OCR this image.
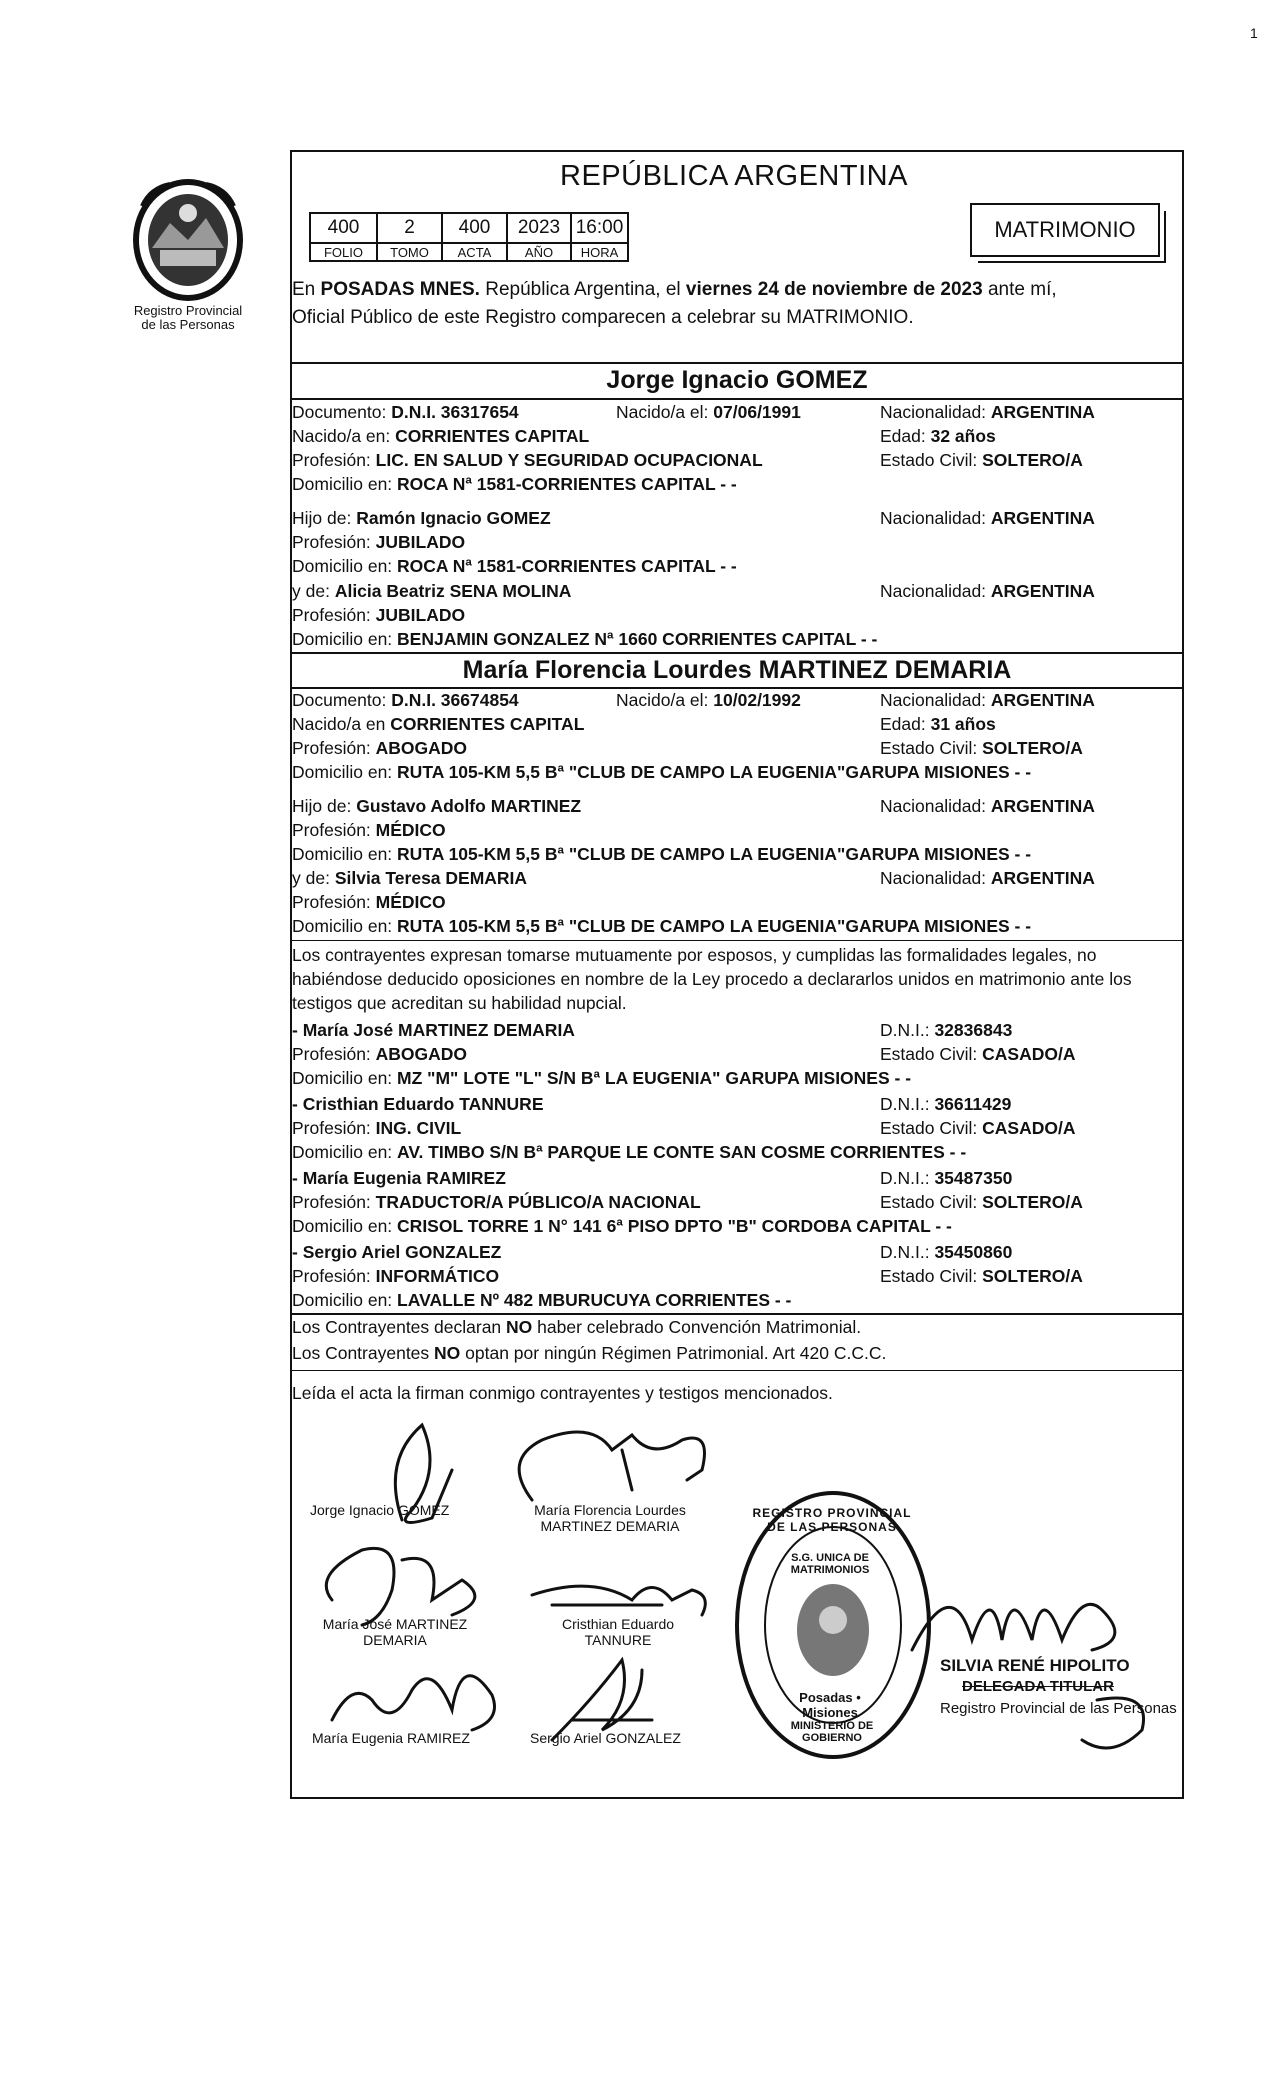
1
Registro Provincial
de las Personas
REPÚBLICA ARGENTINA
400	2	400	2023	16:00
FOLIO	TOMO	ACTA	AÑO	HORA
MATRIMONIO
En POSADAS MNES. República Argentina, el viernes 24 de noviembre de 2023 ante mí,
Oficial Público de este Registro comparecen a celebrar su MATRIMONIO.
Jorge Ignacio GOMEZ
Documento: D.N.I. 36317654	Nacido/a el: 07/06/1991	Nacionalidad: ARGENTINA
Nacido/a en: CORRIENTES CAPITAL	Edad: 32 años
Profesión: LIC. EN SALUD Y SEGURIDAD OCUPACIONAL	Estado Civil: SOLTERO/A
Domicilio en: ROCA Nª 1581-CORRIENTES CAPITAL - -
Hijo de: Ramón Ignacio GOMEZ	Nacionalidad: ARGENTINA
Profesión: JUBILADO
Domicilio en: ROCA Nª 1581-CORRIENTES CAPITAL - -
y de: Alicia Beatriz SENA MOLINA	Nacionalidad: ARGENTINA
Profesión: JUBILADO
Domicilio en: BENJAMIN GONZALEZ Nª 1660 CORRIENTES CAPITAL - -
María Florencia Lourdes MARTINEZ DEMARIA
Documento: D.N.I. 36674854	Nacido/a el: 10/02/1992	Nacionalidad: ARGENTINA
Nacido/a en CORRIENTES CAPITAL	Edad: 31 años
Profesión: ABOGADO	Estado Civil: SOLTERO/A
Domicilio en: RUTA 105-KM 5,5 Bª "CLUB DE CAMPO LA EUGENIA"GARUPA MISIONES - -
Hijo de: Gustavo Adolfo MARTINEZ	Nacionalidad: ARGENTINA
Profesión: MÉDICO
Domicilio en: RUTA 105-KM 5,5 Bª "CLUB DE CAMPO LA EUGENIA"GARUPA MISIONES - -
y de: Silvia Teresa DEMARIA	Nacionalidad: ARGENTINA
Profesión: MÉDICO
Domicilio en: RUTA 105-KM 5,5 Bª "CLUB DE CAMPO LA EUGENIA"GARUPA MISIONES - -
Los contrayentes expresan tomarse mutuamente por esposos, y cumplidas las formalidades legales, no habiéndose deducido oposiciones en nombre de la Ley procedo a declararlos unidos en matrimonio ante los testigos que acreditan su habilidad nupcial.
- María José MARTINEZ DEMARIA	D.N.I.: 32836843
Profesión: ABOGADO	Estado Civil: CASADO/A
Domicilio en: MZ "M" LOTE "L" S/N Bª LA EUGENIA" GARUPA MISIONES - -
- Cristhian Eduardo TANNURE	D.N.I.: 36611429
Profesión: ING. CIVIL	Estado Civil: CASADO/A
Domicilio en: AV. TIMBO S/N Bª PARQUE LE CONTE SAN COSME CORRIENTES - -
- María Eugenia RAMIREZ	D.N.I.: 35487350
Profesión: TRADUCTOR/A PÚBLICO/A NACIONAL	Estado Civil: SOLTERO/A
Domicilio en: CRISOL TORRE 1 N° 141 6ª PISO DPTO "B" CORDOBA CAPITAL - -
- Sergio Ariel GONZALEZ	D.N.I.: 35450860
Profesión: INFORMÁTICO	Estado Civil: SOLTERO/A
Domicilio en: LAVALLE Nº 482 MBURUCUYA CORRIENTES - -
Los Contrayentes declaran NO haber celebrado Convención Matrimonial.
Los Contrayentes NO optan por ningún Régimen Patrimonial. Art 420 C.C.C.
Leída el acta la firman conmigo contrayentes y testigos mencionados.
Jorge Ignacio GOMEZ	María Florencia Lourdes
MARTINEZ DEMARIA
María José MARTINEZ
DEMARIA
Cristhian Eduardo
TANNURE
María Eugenia RAMIREZ	Sergio Ariel GONZALEZ
S.G. UNICA DE MATRIMONIOS
REGISTRO PROVINCIAL DE LAS PERSONAS
Posadas • Misiones
MINISTERIO DE GOBIERNO
SILVIA RENÉ HIPOLITO
DELEGADA TITULAR
Registro Provincial de las Personas
